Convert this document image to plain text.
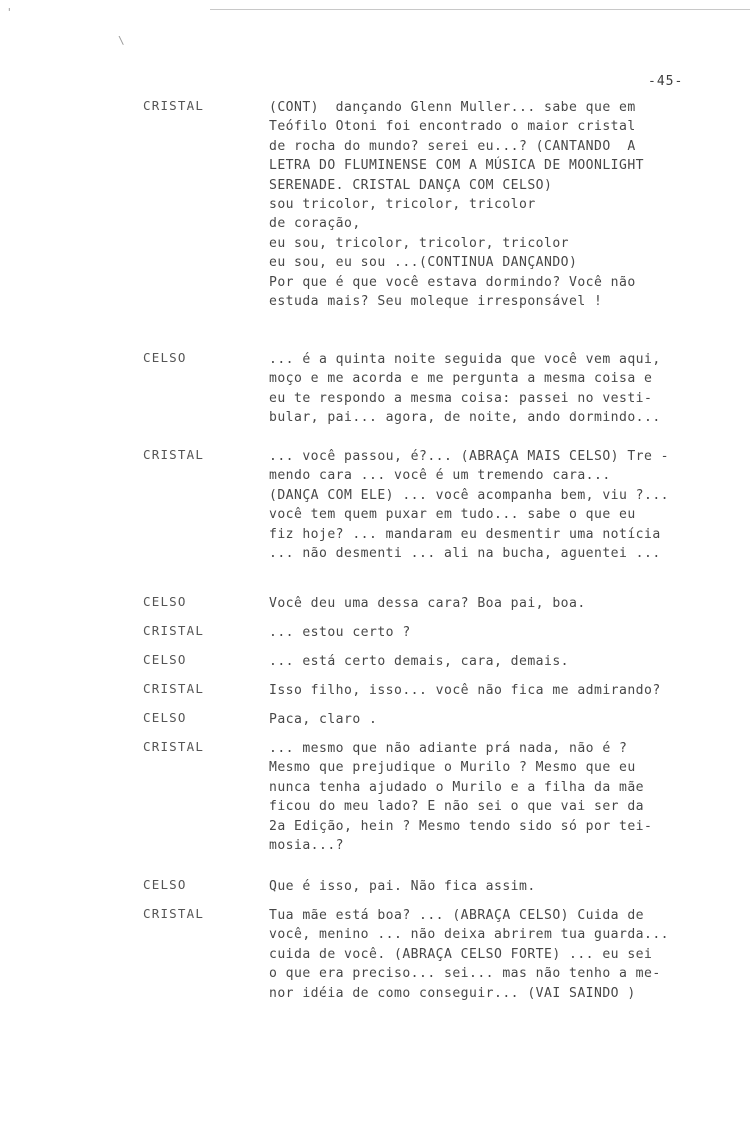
'
\
-45-
CRISTAL	(CONT)  dançando Glenn Muller... sabe que em
Teófilo Otoni foi encontrado o maior cristal
de rocha do mundo? serei eu...? (CANTANDO  A
LETRA DO FLUMINENSE COM A MÚSICA DE MOONLIGHT
SERENADE. CRISTAL DANÇA COM CELSO)
sou tricolor, tricolor, tricolor
de coração,
eu sou, tricolor, tricolor, tricolor
eu sou, eu sou ...(CONTINUA DANÇANDO)
Por que é que você estava dormindo? Você não
estuda mais? Seu moleque irresponsável !
CELSO	... é a quinta noite seguida que você vem aqui,
moço e me acorda e me pergunta a mesma coisa e
eu te respondo a mesma coisa: passei no vesti-
bular, pai... agora, de noite, ando dormindo...
CRISTAL	... você passou, é?... (ABRAÇA MAIS CELSO) Tre -
mendo cara ... você é um tremendo cara...
(DANÇA COM ELE) ... você acompanha bem, viu ?...
você tem quem puxar em tudo... sabe o que eu
fiz hoje? ... mandaram eu desmentir uma notícia
... não desmenti ... ali na bucha, aguentei ...
CELSO	Você deu uma dessa cara? Boa pai, boa.
CRISTAL	... estou certo ?
CELSO	... está certo demais, cara, demais.
CRISTAL	Isso filho, isso... você não fica me admirando?
CELSO	Paca, claro .
CRISTAL	... mesmo que não adiante prá nada, não é ?
Mesmo que prejudique o Murilo ? Mesmo que eu
nunca tenha ajudado o Murilo e a filha da mãe
ficou do meu lado? E não sei o que vai ser da
2a Edição, hein ? Mesmo tendo sido só por tei-
mosia...?
CELSO	Que é isso, pai. Não fica assim.
CRISTAL	Tua mãe está boa? ... (ABRAÇA CELSO) Cuida de
você, menino ... não deixa abrirem tua guarda...
cuida de você. (ABRAÇA CELSO FORTE) ... eu sei
o que era preciso... sei... mas não tenho a me-
nor idéia de como conseguir... (VAI SAINDO )
